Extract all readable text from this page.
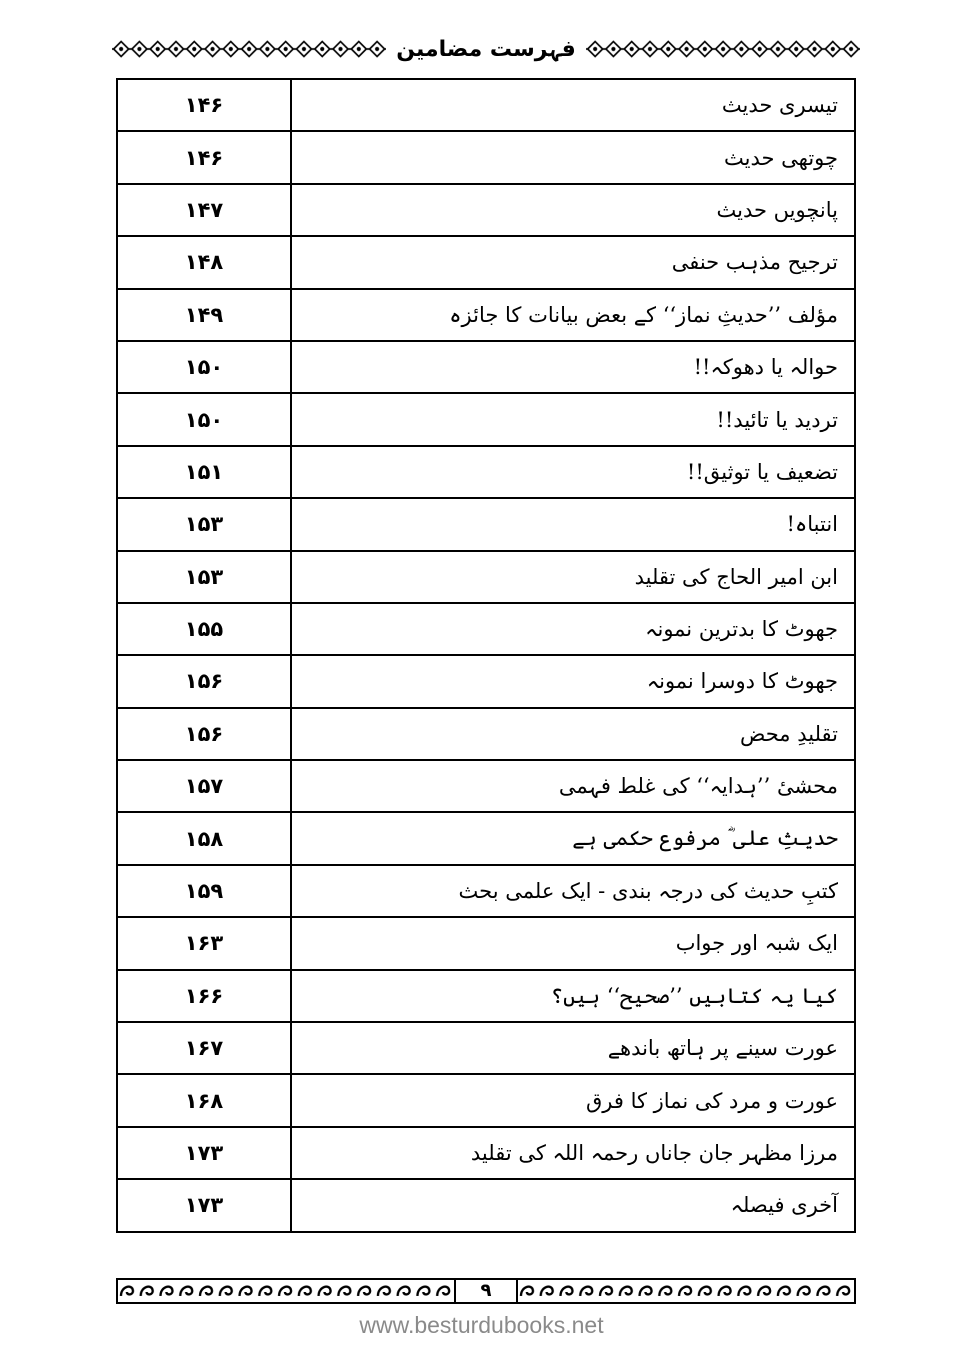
فہرست مضامین
۱۴۶	تیسری حدیث
۱۴۶	چوتھی حدیث
۱۴۷	پانچویں حدیث
۱۴۸	ترجیح مذہب حنفی
۱۴۹	مؤلف ’’حدیثِ نماز‘‘ کے بعض بیانات کا جائزہ
۱۵۰	حوالہ یا دھوکہ!!
۱۵۰	تردید یا تائید!!
۱۵۱	تضعیف یا توثیق!!
۱۵۳	انتباہ!
۱۵۳	ابن امیر الحاج کی تقلید
۱۵۵	جھوٹ کا بدترین نمونہ
۱۵۶	جھوٹ کا دوسرا نمونہ
۱۵۶	تقلیدِ محض
۱۵۷	محشیٔ ’’ہدایہ‘‘ کی غلط فہمی
۱۵۸	حدیثِ علی ؓ مرفوع حکمی ہے
۱۵۹	کتبِ حدیث کی درجہ بندی - ایک علمی بحث
۱۶۳	ایک شبہ اور جواب
۱۶۶	کیا یہ کتابیں ’’صحیح‘‘ ہیں؟
۱۶۷	عورت سینے پر ہاتھ باندھے
۱۶۸	عورت و مرد کی نماز کا فرق
۱۷۳	مرزا مظہر جان جاناں رحمہ اللہ کی تقلید
۱۷۳	آخری فیصلہ
۹
www.besturdubooks.net
